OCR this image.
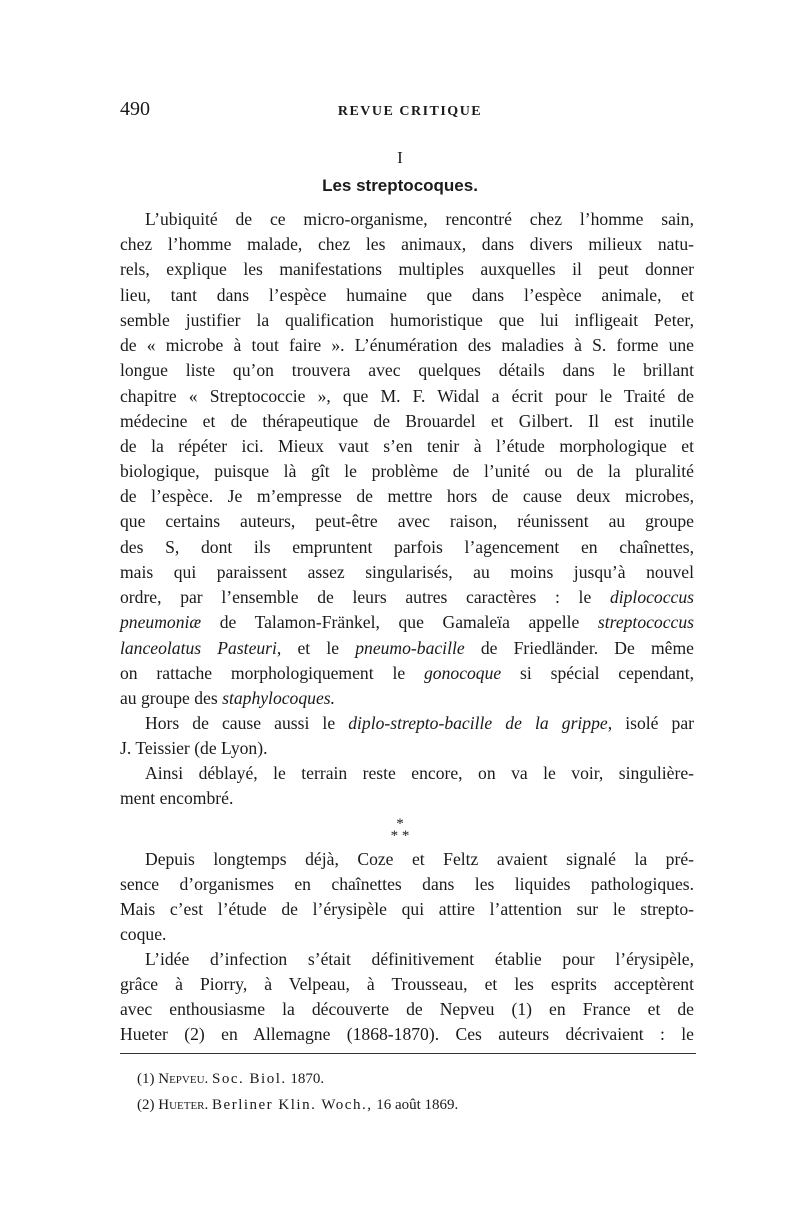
490	REVUE CRITIQUE
I
Les streptocoques.
L’ubiquité de ce micro-organisme, rencontré chez l’homme sain,
chez l’homme malade, chez les animaux, dans divers milieux natu-
rels, explique les manifestations multiples auxquelles il peut donner
lieu, tant dans l’espèce humaine que dans l’espèce animale, et
semble justifier la qualification humoristique que lui infligeait Peter,
de « microbe à tout faire ». L’énumération des maladies à S. forme une
longue liste qu’on trouvera avec quelques détails dans le brillant
chapitre « Streptococcie », que M. F. Widal a écrit pour le Traité de
médecine et de thérapeutique de Brouardel et Gilbert. Il est inutile
de la répéter ici. Mieux vaut s’en tenir à l’étude morphologique et
biologique, puisque là gît le problème de l’unité ou de la pluralité
de l’espèce. Je m’empresse de mettre hors de cause deux microbes,
que certains auteurs, peut-être avec raison, réunissent au groupe
des S, dont ils empruntent parfois l’agencement en chaînettes,
mais qui paraissent assez singularisés, au moins jusqu’à nouvel
ordre, par l’ensemble de leurs autres caractères : le diplococcus
pneumoniæ de Talamon-Fränkel, que Gamaleïa appelle streptococcus
lanceolatus Pasteuri, et le pneumo-bacille de Friedländer. De même
on rattache morphologiquement le gonocoque si spécial cependant,
au groupe des staphylocoques.
Hors de cause aussi le diplo-strepto-bacille de la grippe, isolé par
J. Teissier (de Lyon).
Ainsi déblayé, le terrain reste encore, on va le voir, singulière-
ment encombré.
*
* *
Depuis longtemps déjà, Coze et Feltz avaient signalé la pré-
sence d’organismes en chaînettes dans les liquides pathologiques.
Mais c’est l’étude de l’érysipèle qui attire l’attention sur le strepto-
coque.
L’idée d’infection s’était définitivement établie pour l’érysipèle,
grâce à Piorry, à Velpeau, à Trousseau, et les esprits acceptèrent
avec enthousiasme la découverte de Nepveu (1) en France et de
Hueter (2) en Allemagne (1868-1870). Ces auteurs décrivaient : le
(1) Nepveu. Soc. Biol. 1870.
(2) Hueter. Berliner Klin. Woch., 16 août 1869.
